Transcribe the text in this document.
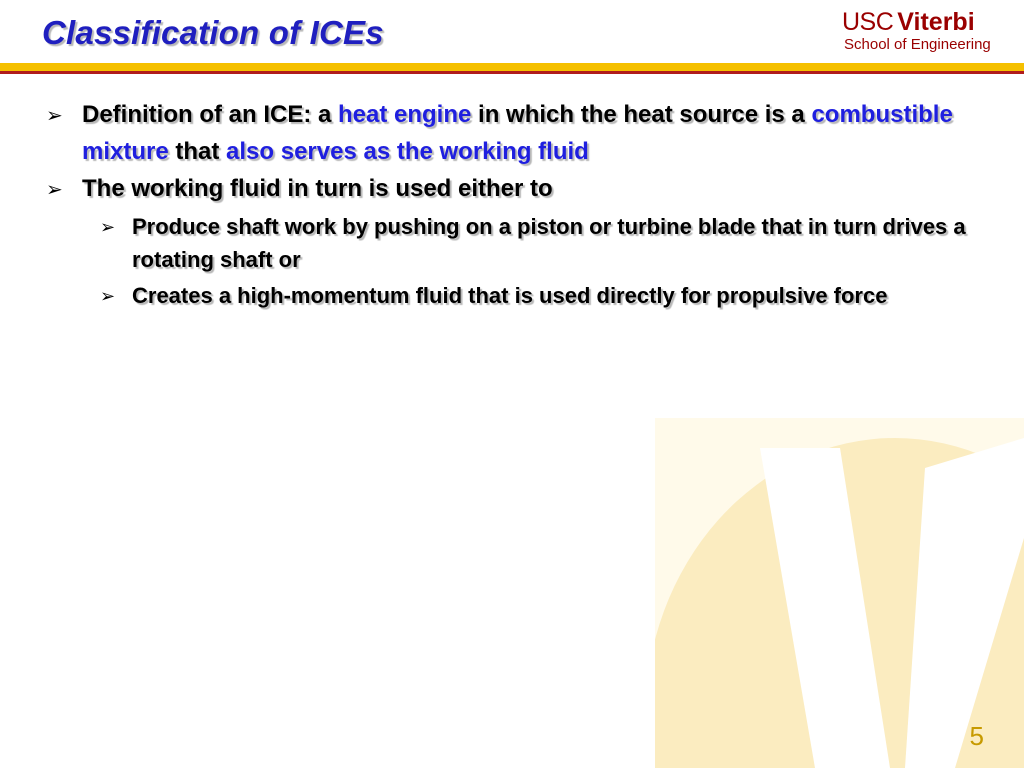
Classification of ICEs	USC Viterbi
School of Engineering
➢ Definition of an ICE: a heat engine in which the heat source is a combustible mixture that also serves as the working fluid
➢ The working fluid in turn is used either to
➢ Produce shaft work by pushing on a piston or turbine blade that in turn drives a rotating shaft or
➢ Creates a high-momentum fluid that is used directly for propulsive force
5
